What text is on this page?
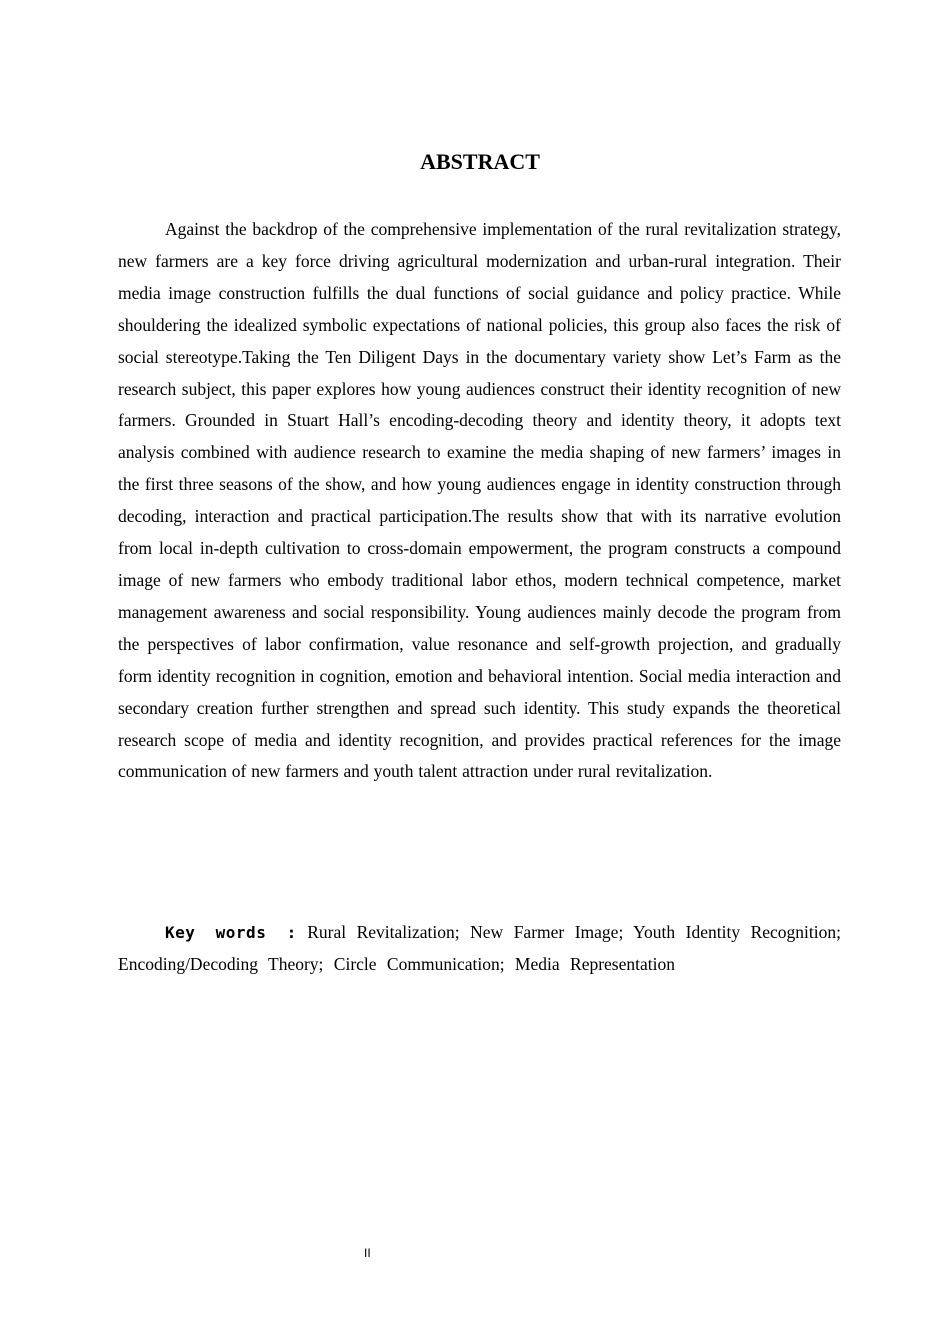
ABSTRACT

Against the backdrop of the comprehensive implementation of the rural revitalization strategy, new farmers are a key force driving agricultural modernization and urban-rural integration. Their media image construction fulfills the dual functions of social guidance and policy practice. While shouldering the idealized symbolic expectations of national policies, this group also faces the risk of social stereotype.Taking the Ten Diligent Days in the documentary variety show Let’s Farm as the research subject, this paper explores how young audiences construct their identity recognition of new farmers. Grounded in Stuart Hall’s encoding-decoding theory and identity theory, it adopts text analysis combined with audience research to examine the media shaping of new farmers’ images in the first three seasons of the show, and how young audiences engage in identity construction through decoding, interaction and practical participation.The results show that with its narrative evolution from local in-depth cultivation to cross-domain empowerment, the program constructs a compound image of new farmers who embody traditional labor ethos, modern technical competence, market management awareness and social responsibility. Young audiences mainly decode the program from the perspectives of labor confirmation, value resonance and self-growth projection, and gradually form identity recognition in cognition, emotion and behavioral intention. Social media interaction and secondary creation further strengthen and spread such identity. This study expands the theoretical research scope of media and identity recognition, and provides practical references for the image communication of new farmers and youth talent attraction under rural revitalization.

Key words : Rural Revitalization; New Farmer Image; Youth Identity Recognition; Encoding/Decoding Theory; Circle Communication; Media Representation

II
